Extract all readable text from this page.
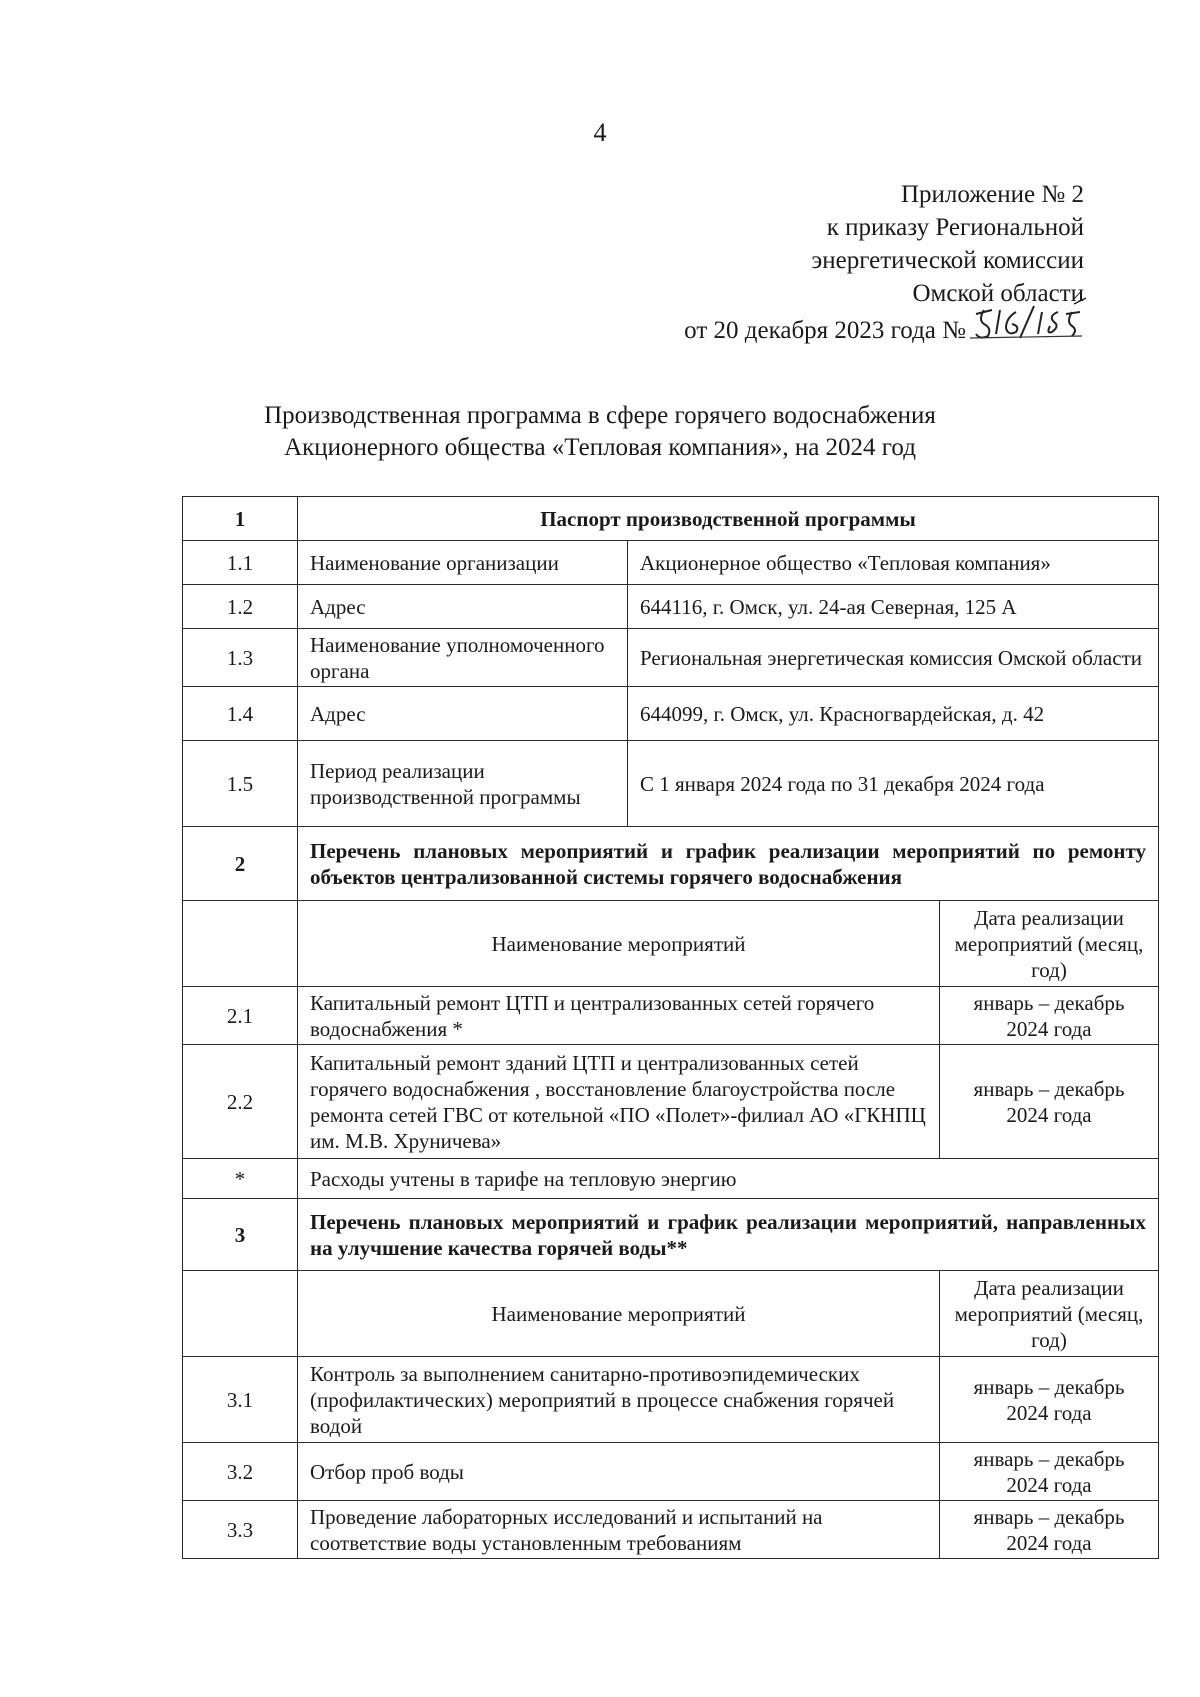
4
Приложение № 2
к приказу Региональной
энергетической комиссии
Омской области
от 20 декабря 2023 года №
Производственная программа в сфере горячего водоснабжения
Акционерного общества «Тепловая компания», на 2024 год
1	Паспорт производственной программы		
1.1	Наименование организации	Акционерное общество «Тепловая компания»	
1.2	Адрес	644116, г. Омск, ул. 24-ая Северная, 125 А	
1.3	Наименование уполномоченного органа	Региональная энергетическая комиссия Омской области	
1.4	Адрес	644099, г. Омск, ул. Красногвардейская, д. 42	
1.5	Период реализации производственной программы	С 1 января 2024 года по 31 декабря 2024 года	
2	Перечень плановых мероприятий и график реализации мероприятий по ремонту объектов централизованной системы горячего водоснабжения		
	Наименование мероприятий		Дата реализации мероприятий (месяц, год)
2.1	Капитальный ремонт ЦТП и централизованных сетей горячего водоснабжения *		январь – декабрь 2024 года
2.2	Капитальный ремонт зданий ЦТП и централизованных сетей горячего водоснабжения , восстановление благоустройства после ремонта сетей ГВС от котельной «ПО «Полет»-филиал АО «ГКНПЦ им. М.В. Хруничева»		январь – декабрь 2024 года
*	Расходы учтены в тарифе на тепловую энергию		
3	Перечень плановых мероприятий и график реализации мероприятий, направленных на улучшение качества горячей воды**		
	Наименование мероприятий		Дата реализации мероприятий (месяц, год)
3.1	Контроль за выполнением санитарно-противоэпидемических (профилактических) мероприятий в процессе снабжения горячей водой		январь – декабрь 2024 года
3.2	Отбор проб воды		январь – декабрь 2024 года
3.3	Проведение лабораторных исследований и испытаний на соответствие воды установленным требованиям		январь – декабрь 2024 года
